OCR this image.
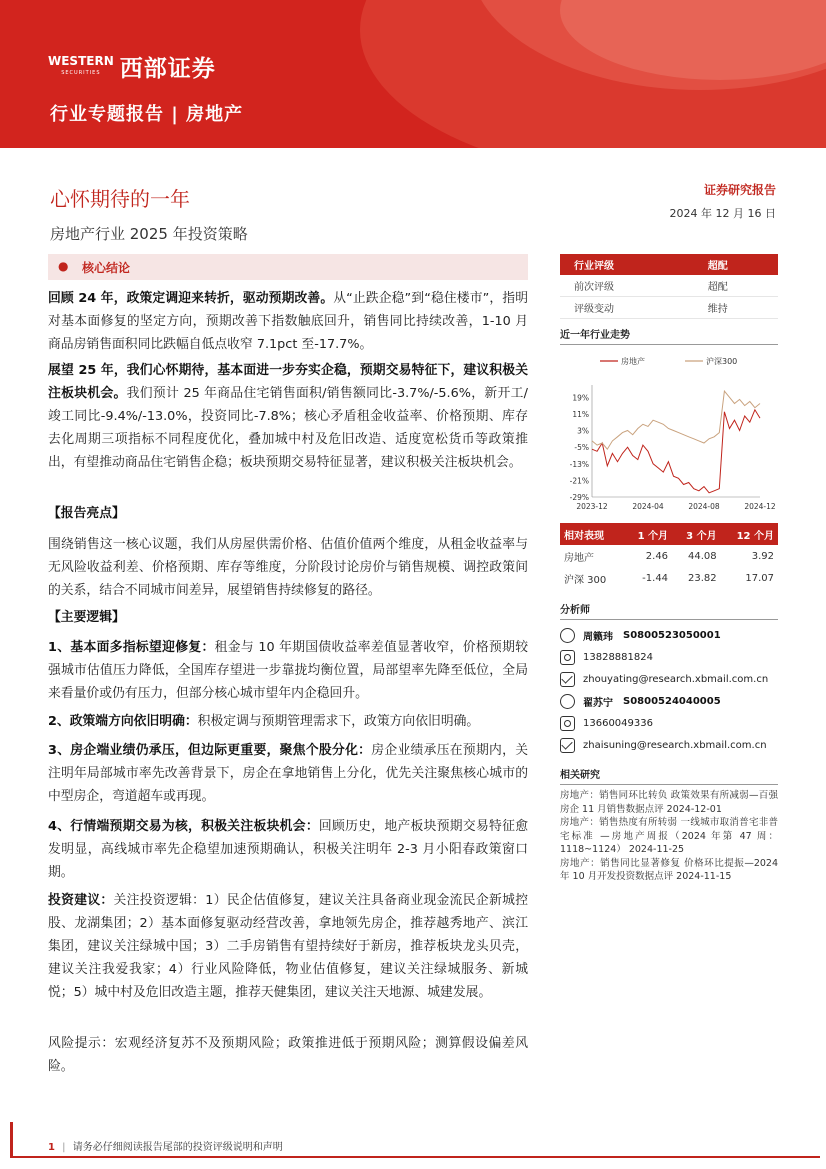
WESTERN
SECURITIES 西部证券
行业专题报告 | 房地产
心怀期待的一年
房地产行业 2025 年投资策略
证券研究报告
2024 年 12 月 16 日
● 核心结论

回顾 24 年，政策定调迎来转折，驱动预期改善。从“止跌企稳”到“稳住楼市”，指明对基本面修复的坚定方向，预期改善下指数触底回升，销售同比持续改善，1-10 月商品房销售面积同比跌幅自低点收窄 7.1pct 至-17.7%。

展望 25 年，我们心怀期待，基本面进一步夯实企稳，预期交易特征下，建议积极关注板块机会。我们预计 25 年商品住宅销售面积/销售额同比-3.7%/-5.6%，新开工/竣工同比-9.4%/-13.0%，投资同比-7.8%；核心矛盾租金收益率、价格预期、库存去化周期三项指标不同程度优化，叠加城中村及危旧改造、适度宽松货币等政策推出，有望推动商品住宅销售企稳；板块预期交易特征显著，建议积极关注板块机会。

【报告亮点】

围绕销售这一核心议题，我们从房屋供需价格、估值价值两个维度，从租金收益率与无风险收益利差、价格预期、库存等维度，分阶段讨论房价与销售规模、调控政策间的关系，结合不同城市间差异，展望销售持续修复的路径。

【主要逻辑】

1、基本面多指标望迎修复：租金与 10 年期国债收益率差值显著收窄，价格预期较强城市估值压力降低，全国库存望进一步靠拢均衡位置，局部望率先降至低位，全局来看量价或仍有压力，但部分核心城市望年内企稳回升。

2、政策端方向依旧明确：积极定调与预期管理需求下，政策方向依旧明确。

3、房企端业绩仍承压，但边际更重要，聚焦个股分化：房企业绩承压在预期内，关注明年局部城市率先改善背景下，房企在拿地销售上分化，优先关注聚焦核心城市的中型房企，弯道超车或再现。

4、行情端预期交易为核，积极关注板块机会：回顾历史，地产板块预期交易特征愈发明显，高线城市率先企稳望加速预期确认，积极关注明年 2-3 月小阳春政策窗口期。

投资建议：关注投资逻辑：1）民企估值修复，建议关注具备商业现金流民企新城控股、龙湖集团；2）基本面修复驱动经营改善，拿地领先房企，推荐越秀地产、滨江集团，建议关注绿城中国；3）二手房销售有望持续好于新房，推荐板块龙头贝壳，建议关注我爱我家；4）行业风险降低，物业估值修复，建议关注绿城服务、新城悦；5）城中村及危旧改造主题，推荐天健集团，建议关注天地源、城建发展。

风险提示：宏观经济复苏不及预期风险；政策推进低于预期风险；测算假设偏差风险。

行业评级	超配
前次评级	超配
评级变动	维持
近一年行业走势
房地产	沪深300
19%
11%
3%
-5%
-13%
-21%
-29%
2023-12	2024-04	2024-08	2024-12
相对表现	1 个月	3 个月	12 个月
房地产	2.46	44.08	3.92
沪深 300	-1.44	23.82	17.07
分析师
周籁玮 S0800523050001
13828881824
zhouyating@research.xbmail.com.cn
翟苏宁 S0800524040005
13660049336
zhaisuning@research.xbmail.com.cn
相关研究
房地产：销售同环比转负 政策效果有所减弱—百强房企 11 月销售数据点评 2024-12-01
房地产：销售热度有所转弱 一线城市取消普宅非普宅标准 —房地产周报（2024 年第 47 周：1118~1124） 2024-11-25
房地产：销售同比显著修复 价格环比提振—2024 年 10 月开发投资数据点评 2024-11-15
1 | 请务必仔细阅读报告尾部的投资评级说明和声明
